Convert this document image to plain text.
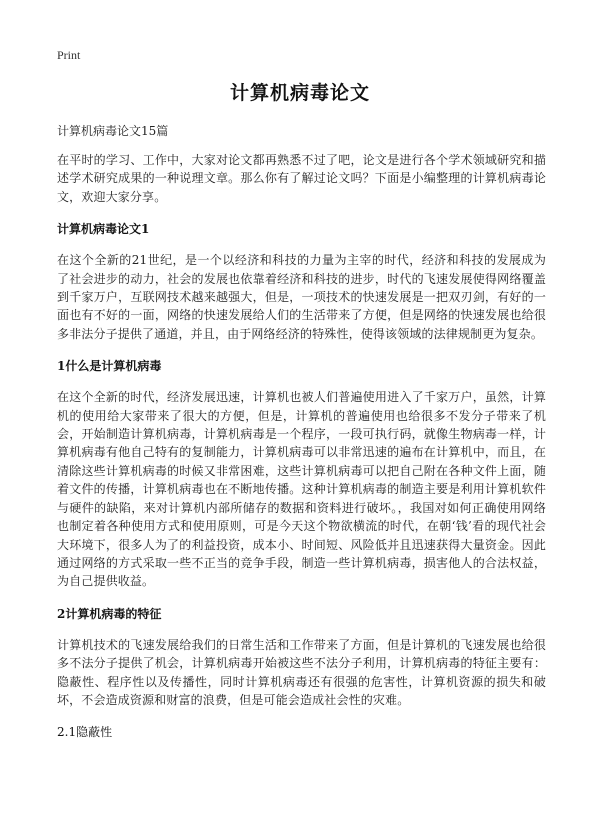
Print
计算机病毒论文
计算机病毒论文15篇

在平时的学习、工作中，大家对论文都再熟悉不过了吧，论文是进行各个学术领域研究和描述学术研究成果的一种说理文章。那么你有了解过论文吗？下面是小编整理的计算机病毒论文，欢迎大家分享。

计算机病毒论文1

在这个全新的21世纪，是一个以经济和科技的力量为主宰的时代，经济和科技的发展成为了社会进步的动力，社会的发展也依靠着经济和科技的进步，时代的飞速发展使得网络覆盖到千家万户，互联网技术越来越强大，但是，一项技术的快速发展是一把双刃剑，有好的一面也有不好的一面，网络的快速发展给人们的生活带来了方便，但是网络的快速发展也给很多非法分子提供了通道，并且，由于网络经济的特殊性，使得该领域的法律规制更为复杂。

1什么是计算机病毒

在这个全新的时代，经济发展迅速，计算机也被人们普遍使用进入了千家万户，虽然，计算机的使用给大家带来了很大的方便，但是，计算机的普遍使用也给很多不发分子带来了机会，开始制造计算机病毒，计算机病毒是一个程序，一段可执行码，就像生物病毒一样，计算机病毒有他自己特有的复制能力，计算机病毒可以非常迅速的遍布在计算机中，而且，在清除这些计算机病毒的时候又非常困难，这些计算机病毒可以把自己附在各种文件上面，随着文件的传播，计算机病毒也在不断地传播。这种计算机病毒的制造主要是利用计算机软件与硬件的缺陷，来对计算机内部所储存的数据和资料进行破坏。，我国对如何正确使用网络也制定着各种使用方式和使用原则，可是今天这个物欲横流的时代，在朝‘钱’看的现代社会大环境下，很多人为了的利益投资，成本小、时间短、风险低并且迅速获得大量资金。因此通过网络的方式采取一些不正当的竞争手段，制造一些计算机病毒，损害他人的合法权益，为自己提供收益。

2计算机病毒的特征

计算机技术的飞速发展给我们的日常生活和工作带来了方面，但是计算机的飞速发展也给很多不法分子提供了机会，计算机病毒开始被这些不法分子利用，计算机病毒的特征主要有：隐蔽性、程序性以及传播性，同时计算机病毒还有很强的危害性，计算机资源的损失和破坏，不会造成资源和财富的浪费，但是可能会造成社会性的灾难。

2.1隐蔽性
